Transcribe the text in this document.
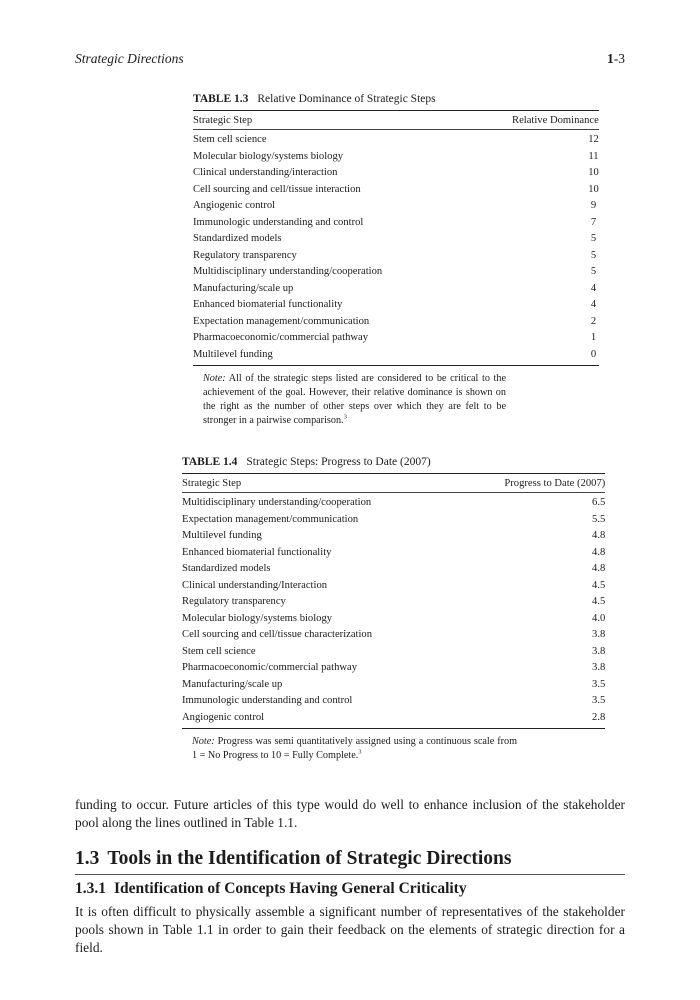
Strategic Directions	1-3
TABLE 1.3 Relative Dominance of Strategic Steps
Strategic Step	Relative Dominance
Stem cell science	12
Molecular biology/systems biology	11
Clinical understanding/interaction	10
Cell sourcing and cell/tissue interaction	10
Angiogenic control	9
Immunologic understanding and control	7
Standardized models	5
Regulatory transparency	5
Multidisciplinary understanding/cooperation	5
Manufacturing/scale up	4
Enhanced biomaterial functionality	4
Expectation management/communication	2
Pharmacoeconomic/commercial pathway	1
Multilevel funding	0

Note: All of the strategic steps listed are considered to be critical to the achievement of the goal. However, their relative dominance is shown on the right as the number of other steps over which they are felt to be stronger in a pairwise comparison.$^3$

TABLE 1.4 Strategic Steps: Progress to Date (2007)
Strategic Step	Progress to Date (2007)
Multidisciplinary understanding/cooperation	6.5
Expectation management/communication	5.5
Multilevel funding	4.8
Enhanced biomaterial functionality	4.8
Standardized models	4.8
Clinical understanding/Interaction	4.5
Regulatory transparency	4.5
Molecular biology/systems biology	4.0
Cell sourcing and cell/tissue characterization	3.8
Stem cell science	3.8
Pharmacoeconomic/commercial pathway	3.8
Manufacturing/scale up	3.5
Immunologic understanding and control	3.5
Angiogenic control	2.8

Note: Progress was semi quantitatively assigned using a continuous scale from 1 = No Progress to 10 = Fully Complete.$^3$

funding to occur. Future articles of this type would do well to enhance inclusion of the stakeholder pool along the lines outlined in Table 1.1.

1.3 Tools in the Identification of Strategic Directions
1.3.1 Identification of Concepts Having General Criticality

It is often difficult to physically assemble a significant number of representatives of the stakeholder pools shown in Table 1.1 in order to gain their feedback on the elements of strategic direction for a field.
